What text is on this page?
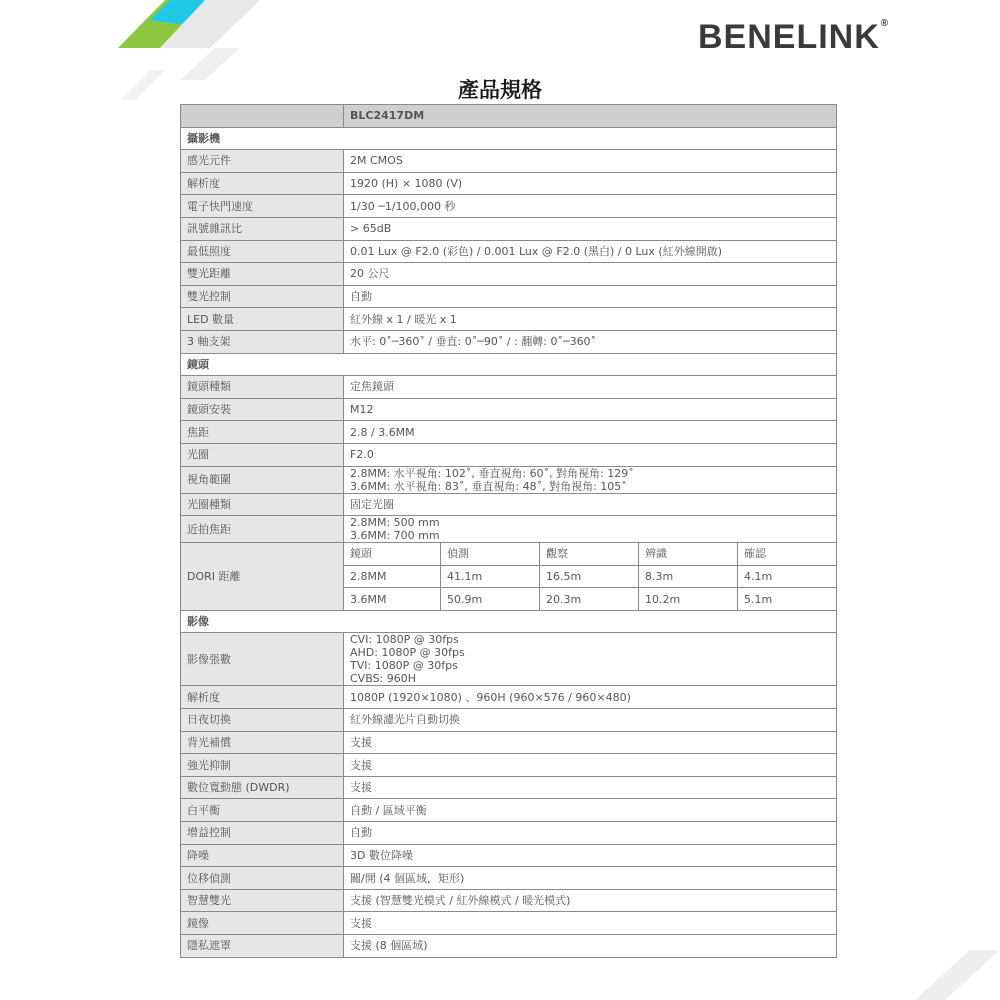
BENELINK®
產品規格
	BLC2417DM				
攝影機					
感光元件	2M CMOS				
解析度	1920 (H) × 1080 (V)				
電子快門速度	1/30 ─1/100,000 秒				
訊號雜訊比	> 65dB				
最低照度	0.01 Lux @ F2.0 (彩色) / 0.001 Lux @ F2.0 (黑白) / 0 Lux (紅外線開啟)				
雙光距離	20 公尺				
雙光控制	自動				
LED 數量	紅外線 x 1 / 暖光 x 1				
3 軸支架	水平: 0˚─360˚ / 垂直: 0˚─90˚ / : 翻轉: 0˚─360˚				
鏡頭					
鏡頭種類	定焦鏡頭				
鏡頭安裝	M12				
焦距	2.8 / 3.6MM				
光圈	F2.0				
視角範圍	2.8MM: 水平視角: 102˚, 垂直視角: 60˚, 對角視角: 129˚
3.6MM: 水平視角: 83˚, 垂直視角: 48˚, 對角視角: 105˚				

光圈種類	固定光圈				
近拍焦距	2.8MM: 500 mm
3.6MM: 700 mm				

DORI 距離	鏡頭	偵測	觀察	辨識	確認
	2.8MM	41.1m	16.5m	8.3m	4.1m
	3.6MM	50.9m	20.3m	10.2m	5.1m
影像					
影像張數	CVI: 1080P @ 30fps
AHD: 1080P @ 30fps
TVI: 1080P @ 30fps
CVBS: 960H				

解析度	1080P (1920×1080) 、960H (960×576 / 960×480)				
日夜切換	紅外線濾光片自動切換				
背光補償	支援				
強光抑制	支援				
數位寬動態 (DWDR)	支援				
白平衡	自動 / 區域平衡				
增益控制	自動				
降噪	3D 數位降噪				
位移偵測	關/開 (4 個區域，矩形)				
智慧雙光	支援 (智慧雙光模式 / 紅外線模式 / 暖光模式)				
鏡像	支援				
隱私遮罩	支援 (8 個區域)				
